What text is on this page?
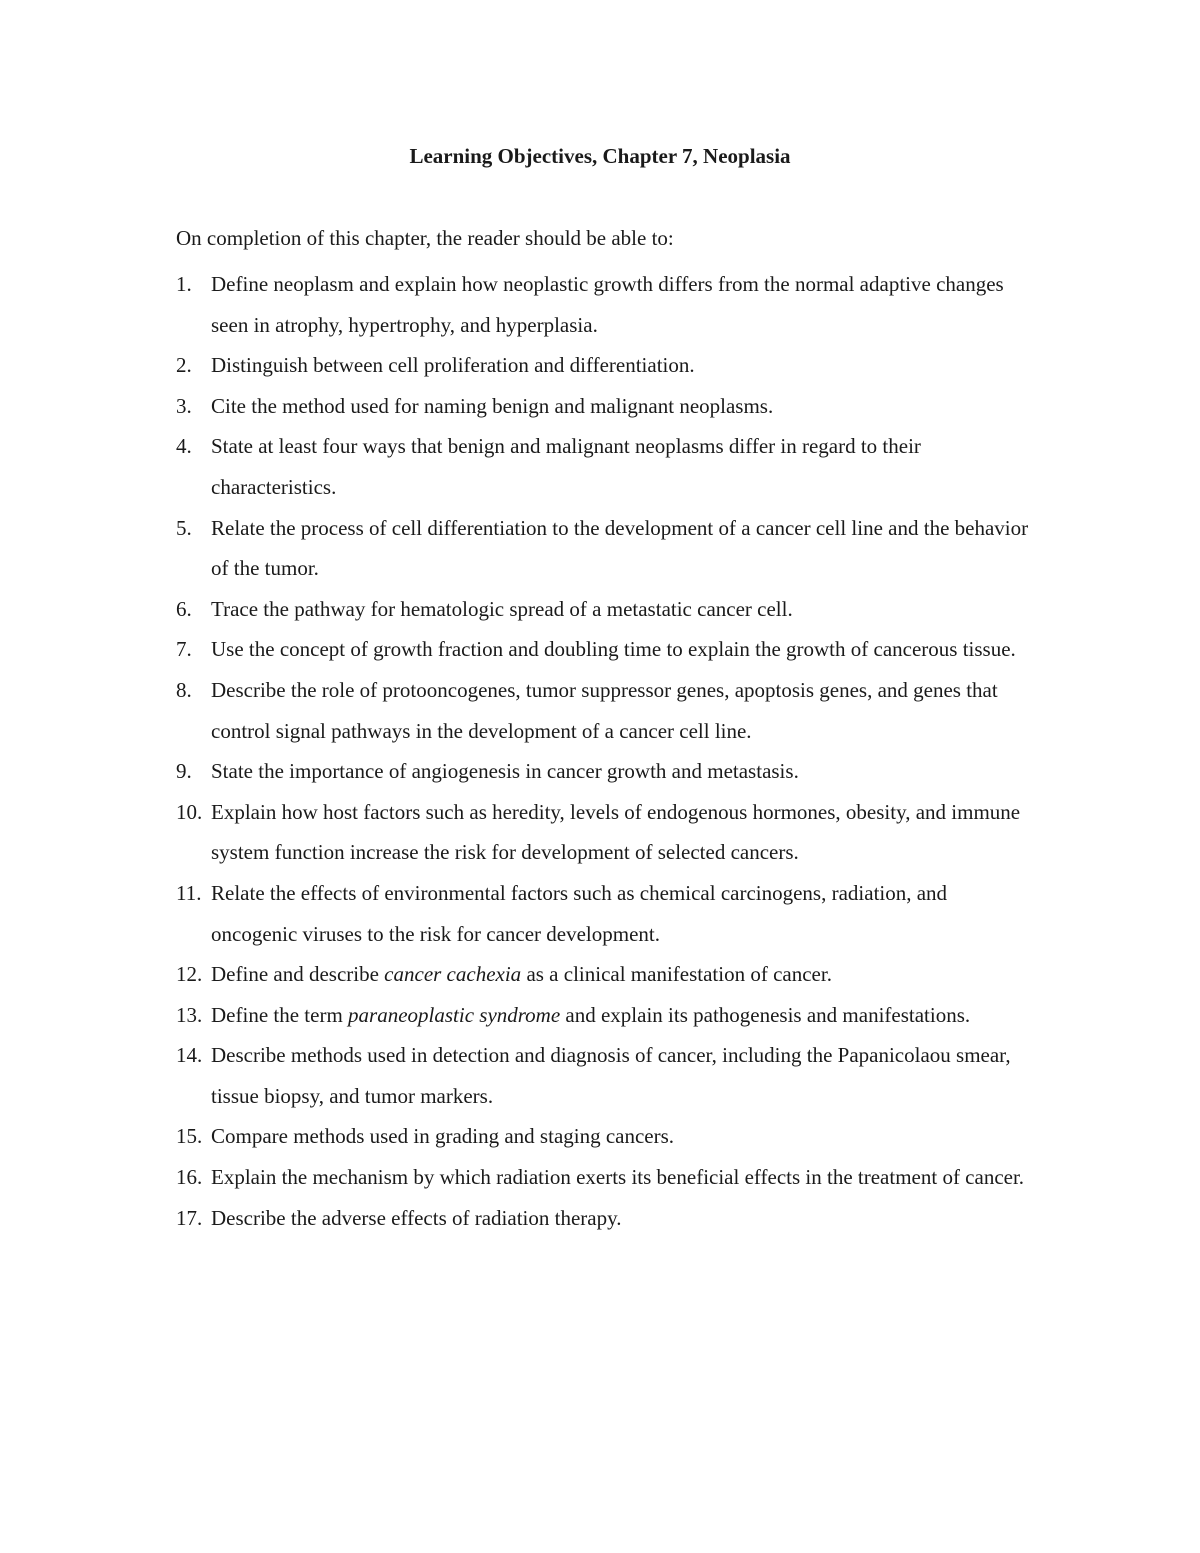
Learning Objectives, Chapter 7, Neoplasia
On completion of this chapter, the reader should be able to:
1. Define neoplasm and explain how neoplastic growth differs from the normal adaptive changes seen in atrophy, hypertrophy, and hyperplasia.
2. Distinguish between cell proliferation and differentiation.
3. Cite the method used for naming benign and malignant neoplasms.
4. State at least four ways that benign and malignant neoplasms differ in regard to their characteristics.
5. Relate the process of cell differentiation to the development of a cancer cell line and the behavior of the tumor.
6. Trace the pathway for hematologic spread of a metastatic cancer cell.
7. Use the concept of growth fraction and doubling time to explain the growth of cancerous tissue.
8. Describe the role of protooncogenes, tumor suppressor genes, apoptosis genes, and genes that control signal pathways in the development of a cancer cell line.
9. State the importance of angiogenesis in cancer growth and metastasis.
10. Explain how host factors such as heredity, levels of endogenous hormones, obesity, and immune system function increase the risk for development of selected cancers.
11. Relate the effects of environmental factors such as chemical carcinogens, radiation, and oncogenic viruses to the risk for cancer development.
12. Define and describe cancer cachexia as a clinical manifestation of cancer.
13. Define the term paraneoplastic syndrome and explain its pathogenesis and manifestations.
14. Describe methods used in detection and diagnosis of cancer, including the Papanicolaou smear, tissue biopsy, and tumor markers.
15. Compare methods used in grading and staging cancers.
16. Explain the mechanism by which radiation exerts its beneficial effects in the treatment of cancer.
17. Describe the adverse effects of radiation therapy.
